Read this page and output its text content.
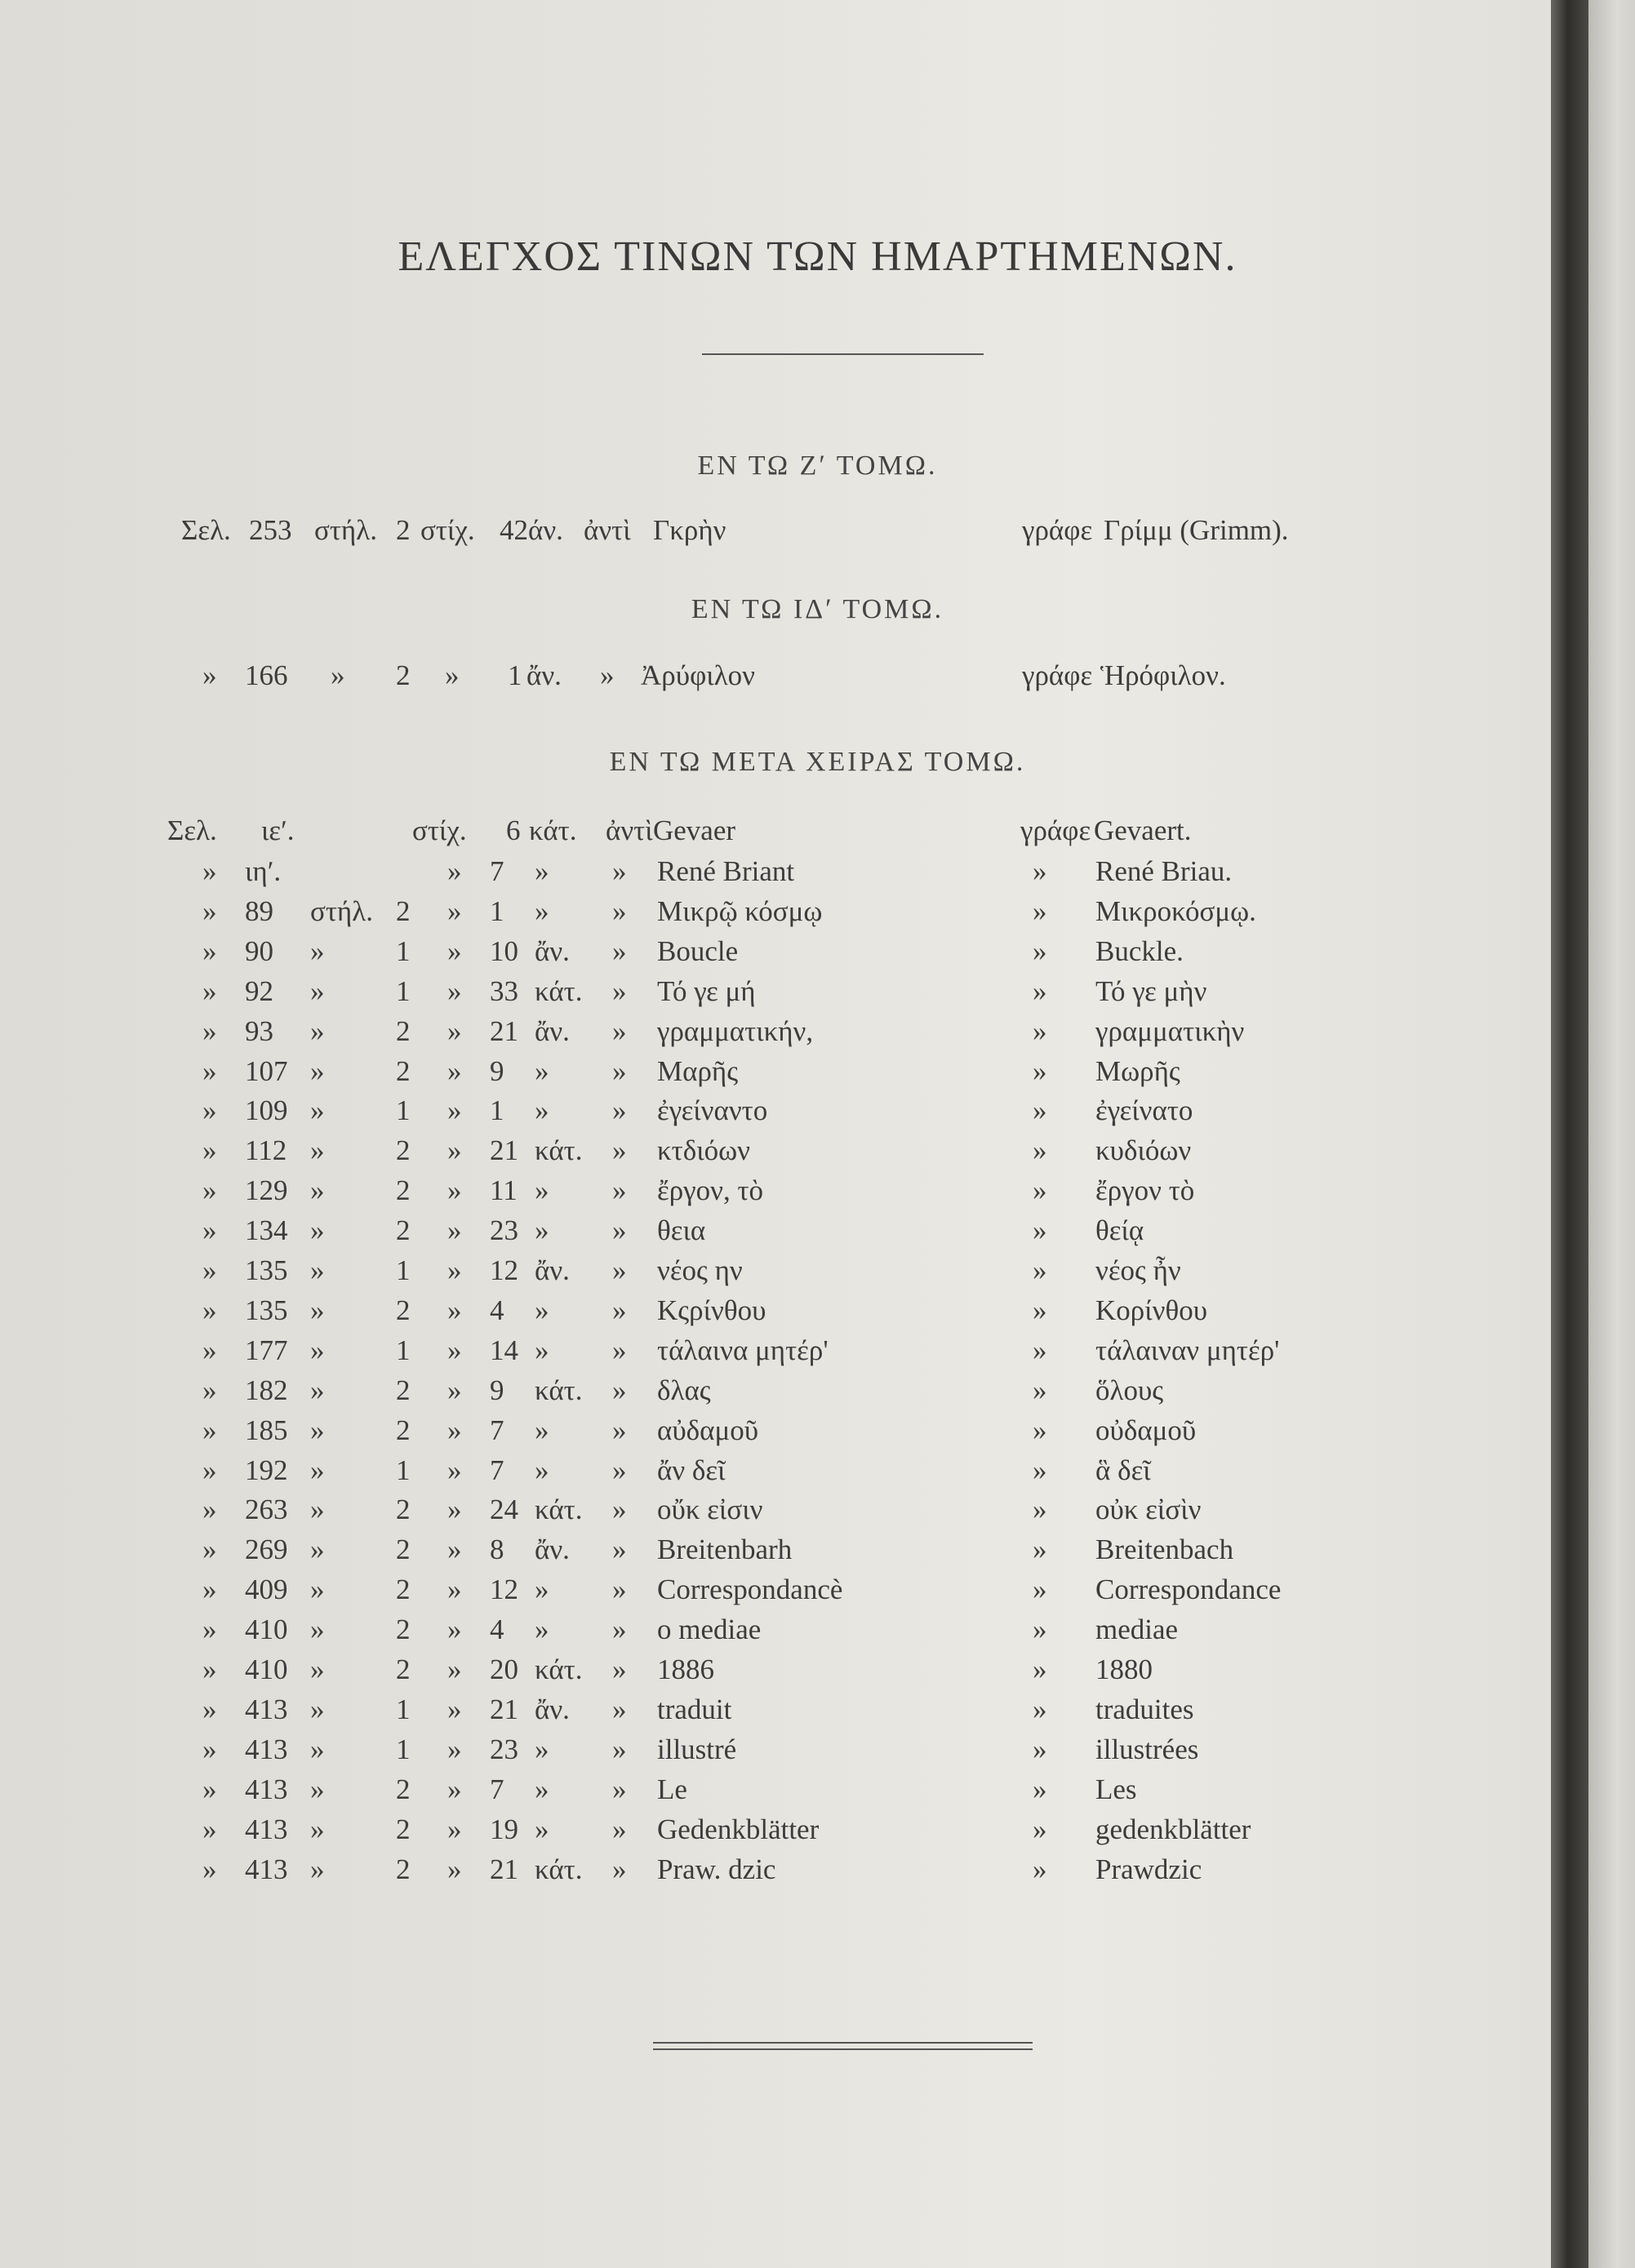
ΕΛΕΓΧΟΣ ΤΙΝΩΝ ΤΩΝ ΗΜΑΡΤΗΜΕΝΩΝ.
ΕΝ ΤΩ Ζʹ ΤΟΜΩ.
Σελ. 253 στήλ. 2 στίχ. 42άν. ἀντὶ Γκρὴν	γράφε Γρίμμ (Grimm).
ΕΝ ΤΩ ΙΔʹ ΤΟΜΩ.
» 166 » 2 » 1 ἄν. » Ἀρύφιλον	γράφε Ἡρόφιλον.
ΕΝ ΤΩ ΜΕΤΑ ΧΕΙΡΑΣ ΤΟΜΩ.
Σελ. ιεʹ.	στίχ. 6 κάτ. ἀντὶ Gevaer	γράφε Gevaert.
» ιηʹ.	» 7 » » René Briant	» René Briau.
» 89 στήλ. 2 » 1 » » Μικρῷ κόσμῳ	» Μικροκόσμῳ.
» 90 »	1 » 10 ἄν. » Boucle	» Buckle.
» 92 »	1 » 33 κάτ. » Τό γε μή	» Τό γε μὴν
» 93 »	2 » 21 ἄν. » γραμματικήν,	» γραμματικὴν
» 107 »	2 » 9 » » Μαρῆς	» Μωρῆς
» 109 »	1 » 1 » » ἐγείναντο	» ἐγείνατο
» 112 »	2 » 21 κάτ. » κτδιόων	» κυδιόων
» 129 »	2 » 11 » » ἔργον, τὸ	» ἔργον τὸ
» 134 »	2 » 23 » » θεια	» θείᾳ
» 135 »	1 » 12 ἄν. » νέος ην	» νέος ἦν
» 135 »	2 » 4 » » Κςρίνθου	» Κορίνθου
» 177 »	1 » 14 » » τάλαινα μητέρ'	» τάλαιναν μητέρ'
» 182 »	2 » 9 κάτ. » δλας	» ὅλους
» 185 »	2 » 7 » » αὐδαμοῦ	» οὐδαμοῦ
» 192 »	1 » 7 » » ἄν δεῖ	» ἃ δεῖ
» 263 »	2 » 24 κάτ. » οὔκ εἰσιν	» οὐκ εἰσὶν
» 269 »	2 » 8 ἄν. » Breitenbarh	» Breitenbach
» 409 »	2 » 12 » » Correspondancè	» Correspondance
» 410 »	2 » 4 » » o mediae	» mediae
» 410 »	2 » 20 κάτ. » 1886	» 1880
» 413 »	1 » 21 ἄν. » traduit	» traduites
» 413 »	1 » 23 » » illustré	» illustrées
» 413 »	2 » 7 » » Le	» Les
» 413 »	2 » 19 » » Gedenkblätter	» gedenkblätter
» 413 »	2 » 21 κάτ. » Praw. dzic	» Prawdzic
